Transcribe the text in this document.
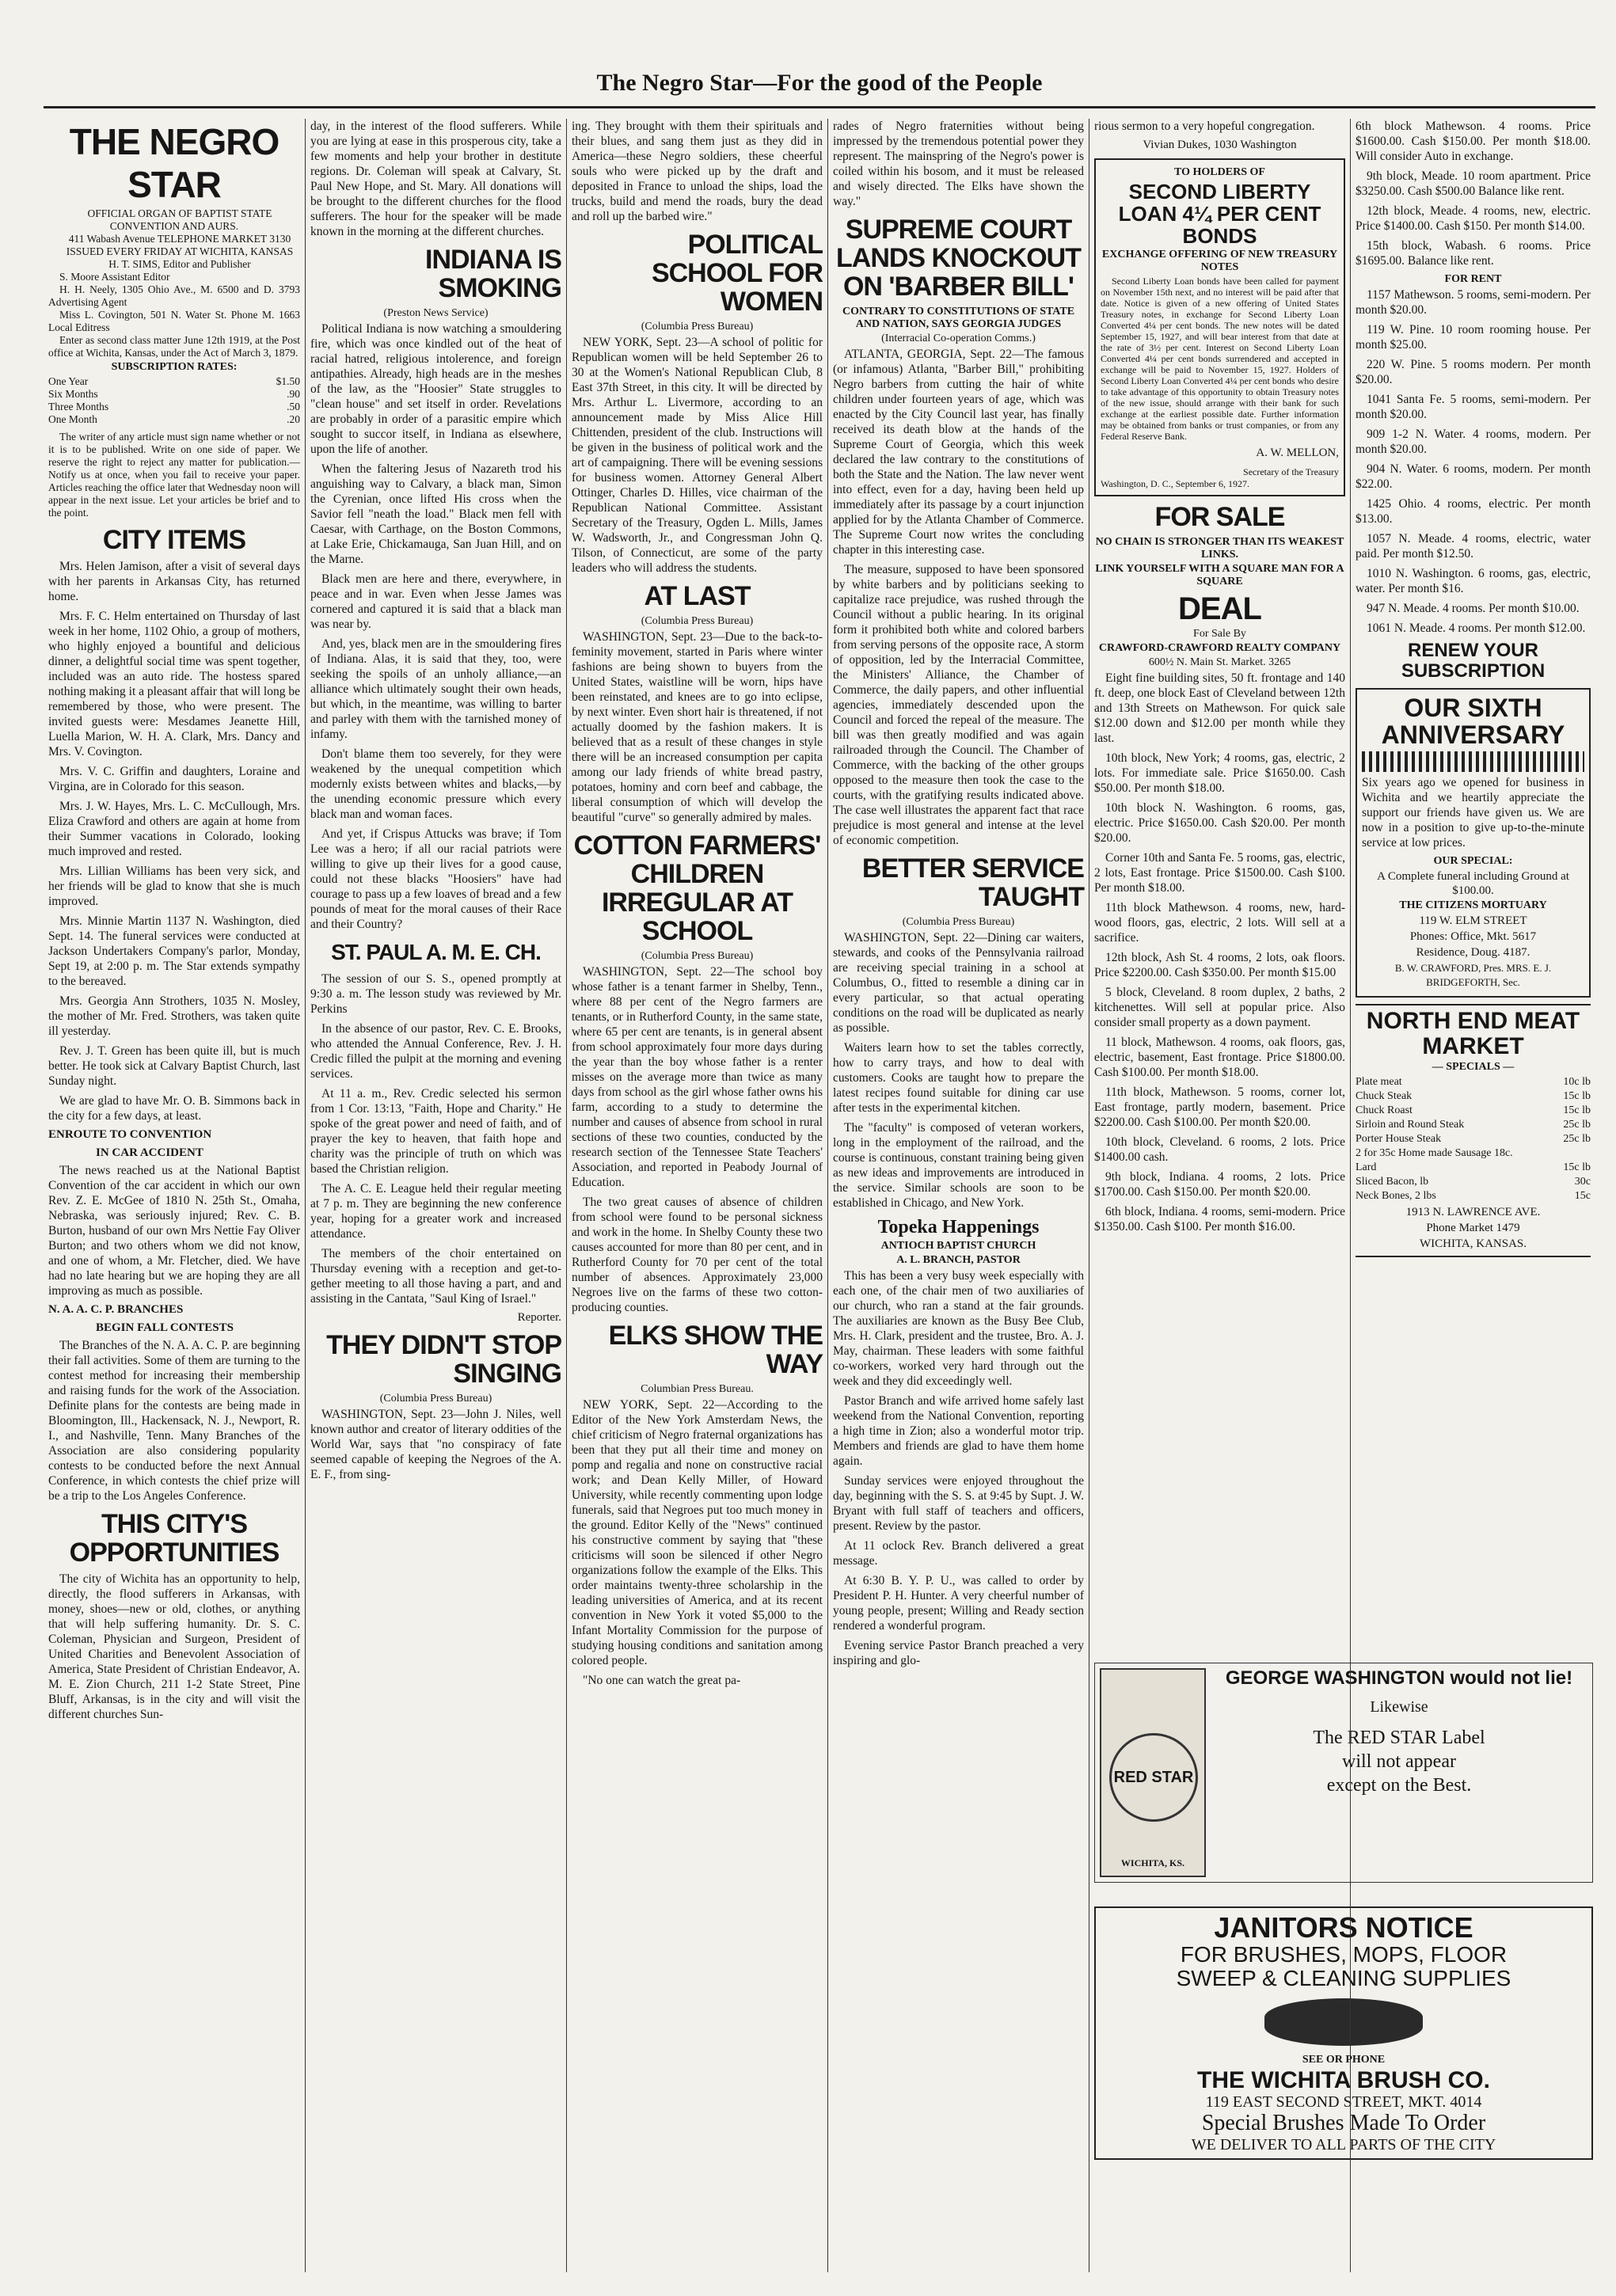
The Negro Star—For the good of the People
THE NEGRO STAR

OFFICIAL ORGAN OF BAPTIST STATE CONVENTION AND AURS.

411 Wabash Avenue TELEPHONE MARKET 3130

ISSUED EVERY FRIDAY AT WICHITA, KANSAS

H. T. SIMS, Editor and Publisher

S. Moore Assistant Editor

H. H. Neely, 1305 Ohio Ave., M. 6500 and D. 3793 Advertising Agent

Miss L. Covington, 501 N. Water St. Phone M. 1663 Local Editress

Enter as second class matter June 12th 1919, at the Post office at Wichita, Kansas, under the Act of March 3, 1879.

SUBSCRIPTION RATES:
One Year	$1.50
Six Months	.90
Three Months	.50
One Month	.20

The writer of any article must sign name whether or not it is to be published. Write on one side of paper. We reserve the right to reject any matter for publication.—Notify us at once, when you fail to receive your paper. Articles reaching the office later that Wednesday noon will appear in the next issue. Let your articles be brief and to the point.

CITY ITEMS

Mrs. Helen Jamison, after a visit of several days with her parents in Arkansas City, has returned home.

Mrs. F. C. Helm entertained on Thursday of last week in her home, 1102 Ohio, a group of mothers, who highly enjoyed a bountiful and delicious dinner, a delightful social time was spent together, included was an auto ride. The hostess spared nothing making it a pleasant affair that will long be remembered by those, who were present. The invited guests were: Mesdames Jeanette Hill, Luella Marion, W. H. A. Clark, Mrs. Dancy and Mrs. V. Covington.

Mrs. V. C. Griffin and daughters, Loraine and Virgina, are in Colorado for this season.

Mrs. J. W. Hayes, Mrs. L. C. McCullough, Mrs. Eliza Crawford and others are again at home from their Summer vacations in Colorado, looking much improved and rested.

Mrs. Lillian Williams has been very sick, and her friends will be glad to know that she is much improved.

Mrs. Minnie Martin 1137 N. Washington, died Sept. 14. The funeral services were conducted at Jackson Undertakers Company's parlor, Monday, Sept 19, at 2:00 p. m. The Star extends sympathy to the bereaved.

Mrs. Georgia Ann Strothers, 1035 N. Mosley, the mother of Mr. Fred. Strothers, was taken quite ill yesterday.

Rev. J. T. Green has been quite ill, but is much better. He took sick at Calvary Baptist Church, last Sunday night.

We are glad to have Mr. O. B. Simmons back in the city for a few days, at least.

ENROUTE TO CONVENTION
IN CAR ACCIDENT

The news reached us at the National Baptist Convention of the car accident in which our own Rev. Z. E. McGee of 1810 N. 25th St., Omaha, Nebraska, was seriously injured; Rev. C. B. Burton, husband of our own Mrs Nettie Fay Oliver Burton; and two others whom we did not know, and one of whom, a Mr. Fletcher, died. We have had no late hearing but we are hoping they are all improving as much as possible.

N. A. A. C. P. BRANCHES
BEGIN FALL CONTESTS

The Branches of the N. A. A. C. P. are beginning their fall activities. Some of them are turning to the contest method for increasing their membership and raising funds for the work of the Association. Definite plans for the contests are being made in Bloomington, Ill., Hackensack, N. J., Newport, R. I., and Nashville, Tenn. Many Branches of the Association are also considering popularity contests to be conducted before the next Annual Conference, in which contests the chief prize will be a trip to the Los Angeles Conference.

THIS CITY'S OPPORTUNITIES

The city of Wichita has an opportunity to help, directly, the flood sufferers in Arkansas, with money, shoes—new or old, clothes, or anything that will help suffering humanity. Dr. S. C. Coleman, Physician and Surgeon, President of United Charities and Benevolent Association of America, State President of Christian Endeavor, A. M. E. Zion Church, 211 1-2 State Street, Pine Bluff, Arkansas, is in the city and will visit the different churches Sun-

day, in the interest of the flood sufferers. While you are lying at ease in this prosperous city, take a few moments and help your brother in destitute regions. Dr. Coleman will speak at Calvary, St. Paul New Hope, and St. Mary. All donations will be brought to the different churches for the flood sufferers. The hour for the speaker will be made known in the morning at the different churches.

INDIANA IS SMOKING
(Preston News Service)

Political Indiana is now watching a smouldering fire, which was once kindled out of the heat of racial hatred, religious intolerence, and foreign antipathies. Already, high heads are in the meshes of the law, as the "Hoosier" State struggles to "clean house" and set itself in order. Revelations are probably in order of a parasitic empire which sought to succor itself, in Indiana as elsewhere, upon the life of another.

When the faltering Jesus of Nazareth trod his anguishing way to Calvary, a black man, Simon the Cyrenian, once lifted His cross when the Savior fell "neath the load." Black men fell with Caesar, with Carthage, on the Boston Commons, at Lake Erie, Chickamauga, San Juan Hill, and on the Marne.

Black men are here and there, everywhere, in peace and in war. Even when Jesse James was cornered and captured it is said that a black man was near by.

And, yes, black men are in the smouldering fires of Indiana. Alas, it is said that they, too, were seeking the spoils of an unholy alliance,—an alliance which ultimately sought their own heads, but which, in the meantime, was willing to barter and parley with them with the tarnished money of infamy.

Don't blame them too severely, for they were weakened by the unequal competition which modernly exists between whites and blacks,—by the unending economic pressure which every black man and woman faces.

And yet, if Crispus Attucks was brave; if Tom Lee was a hero; if all our racial patriots were willing to give up their lives for a good cause, could not these blacks "Hoosiers" have had courage to pass up a few loaves of bread and a few pounds of meat for the moral causes of their Race and their Country?

ST. PAUL A. M. E. CH.

The session of our S. S., opened promptly at 9:30 a. m. The lesson study was reviewed by Mr. Perkins

In the absence of our pastor, Rev. C. E. Brooks, who attended the Annual Conference, Rev. J. H. Credic filled the pulpit at the morning and evening services.

At 11 a. m., Rev. Credic selected his sermon from 1 Cor. 13:13, "Faith, Hope and Charity." He spoke of the great power and need of faith, and of prayer the key to heaven, that faith hope and charity was the principle of truth on which was based the Christian religion.

The A. C. E. League held their regular meeting at 7 p. m. They are beginning the new conference year, hoping for a greater work and increased attendance.

The members of the choir entertained on Thursday evening with a reception and get-to-gether meeting to all those having a part, and and assisting in the Cantata, "Saul King of Israel."

Reporter.
THEY DIDN'T STOP SINGING
(Columbia Press Bureau)

WASHINGTON, Sept. 23—John J. Niles, well known author and creator of literary oddities of the World War, says that "no conspiracy of fate seemed capable of keeping the Negroes of the A. E. F., from sing-

ing. They brought with them their spirituals and their blues, and sang them just as they did in America—these Negro soldiers, these cheerful souls who were picked up by the draft and deposited in France to unload the ships, load the trucks, build and mend the roads, bury the dead and roll up the barbed wire."

POLITICAL SCHOOL FOR WOMEN
(Columbia Press Bureau)

NEW YORK, Sept. 23—A school of politic for Republican women will be held September 26 to 30 at the Women's National Republican Club, 8 East 37th Street, in this city. It will be directed by Mrs. Arthur L. Livermore, according to an announcement made by Miss Alice Hill Chittenden, president of the club. Instructions will be given in the business of political work and the art of campaigning. There will be evening sessions for business women. Attorney General Albert Ottinger, Charles D. Hilles, vice chairman of the Republican National Committee. Assistant Secretary of the Treasury, Ogden L. Mills, James W. Wadsworth, Jr., and Congressman John Q. Tilson, of Connecticut, are some of the party leaders who will address the students.

AT LAST
(Columbia Press Bureau)

WASHINGTON, Sept. 23—Due to the back-to-feminity movement, started in Paris where winter fashions are being shown to buyers from the United States, waistline will be worn, hips have been reinstated, and knees are to go into eclipse, by next winter. Even short hair is threatened, if not actually doomed by the fashion makers. It is believed that as a result of these changes in style there will be an increased consumption per capita among our lady friends of white bread pastry, potatoes, hominy and corn beef and cabbage, the liberal consumption of which will develop the beautiful "curve" so generally admired by males.

COTTON FARMERS' CHILDREN IRREGULAR AT SCHOOL
(Columbia Press Bureau)

WASHINGTON, Sept. 22—The school boy whose father is a tenant farmer in Shelby, Tenn., where 88 per cent of the Negro farmers are tenants, or in Rutherford County, in the same state, where 65 per cent are tenants, is in general absent from school approximately four more days during the year than the boy whose father is a renter misses on the average more than twice as many days from school as the girl whose father owns his farm, according to a study to determine the number and causes of absence from school in rural sections of these two counties, conducted by the research section of the Tennessee State Teachers' Association, and reported in Peabody Journal of Education.

The two great causes of absence of children from school were found to be personal sickness and work in the home. In Shelby County these two causes accounted for more than 80 per cent, and in Rutherford County for 70 per cent of the total number of absences. Approximately 23,000 Negroes live on the farms of these two cotton-producing counties.

ELKS SHOW THE WAY
Columbian Press Bureau.

NEW YORK, Sept. 22—According to the Editor of the New York Amsterdam News, the chief criticism of Negro fraternal organizations has been that they put all their time and money on pomp and regalia and none on constructive racial work; and Dean Kelly Miller, of Howard University, while recently commenting upon lodge funerals, said that Negroes put too much money in the ground. Editor Kelly of the "News" continued his constructive comment by saying that "these criticisms will soon be silenced if other Negro organizations follow the example of the Elks. This order maintains twenty-three scholarship in the leading universities of America, and at its recent convention in New York it voted $5,000 to the Infant Mortality Commission for the purpose of studying housing conditions and sanitation among colored people.

"No one can watch the great pa-

rades of Negro fraternities without being impressed by the tremendous potential power they represent. The mainspring of the Negro's power is coiled within his bosom, and it must be released and wisely directed. The Elks have shown the way."

SUPREME COURT LANDS KNOCKOUT ON 'BARBER BILL'
CONTRARY TO CONSTITUTIONS OF STATE AND NATION, SAYS GEORGIA JUDGES
(Interracial Co-operation Comms.)

ATLANTA, GEORGIA, Sept. 22—The famous (or infamous) Atlanta, "Barber Bill," prohibiting Negro barbers from cutting the hair of white children under fourteen years of age, which was enacted by the City Council last year, has finally received its death blow at the hands of the Supreme Court of Georgia, which this week declared the law contrary to the constitutions of both the State and the Nation. The law never went into effect, even for a day, having been held up immediately after its passage by a court injunction applied for by the Atlanta Chamber of Commerce. The Supreme Court now writes the concluding chapter in this interesting case.

The measure, supposed to have been sponsored by white barbers and by politicians seeking to capitalize race prejudice, was rushed through the Council without a public hearing. In its original form it prohibited both white and colored barbers from serving persons of the opposite race, A storm of opposition, led by the Interracial Committee, the Ministers' Alliance, the Chamber of Commerce, the daily papers, and other influential agencies, immediately descended upon the Council and forced the repeal of the measure. The bill was then greatly modified and was again railroaded through the Council. The Chamber of Commerce, with the backing of the other groups opposed to the measure then took the case to the courts, with the gratifying results indicated above. The case well illustrates the apparent fact that race prejudice is most general and intense at the level of economic competition.

BETTER SERVICE TAUGHT
(Columbia Press Bureau)

WASHINGTON, Sept. 22—Dining car waiters, stewards, and cooks of the Pennsylvania railroad are receiving special training in a school at Columbus, O., fitted to resemble a dining car in every particular, so that actual operating conditions on the road will be duplicated as nearly as possible.

Waiters learn how to set the tables correctly, how to carry trays, and how to deal with customers. Cooks are taught how to prepare the latest recipes found suitable for dining car use after tests in the experimental kitchen.

The "faculty" is composed of veteran workers, long in the employment of the railroad, and the course is continuous, constant training being given as new ideas and improvements are introduced in the service. Similar schools are soon to be established in Chicago, and New York.

Topeka Happenings
ANTIOCH BAPTIST CHURCH
A. L. BRANCH, PASTOR

This has been a very busy week especially with each one, of the chair men of two auxiliaries of our church, who ran a stand at the fair grounds. The auxiliaries are known as the Busy Bee Club, Mrs. H. Clark, president and the trustee, Bro. A. J. May, chairman. These leaders with some faithful co-workers, worked very hard through out the week and they did exceedingly well.

Pastor Branch and wife arrived home safely last weekend from the National Convention, reporting a high time in Zion; also a wonderful motor trip. Members and friends are glad to have them home again.

Sunday services were enjoyed throughout the day, beginning with the S. S. at 9:45 by Supt. J. W. Bryant with full staff of teachers and officers, present. Review by the pastor.

At 11 oclock Rev. Branch delivered a great message.

At 6:30 B. Y. P. U., was called to order by President P. H. Hunter. A very cheerful number of young people, present; Willing and Ready section rendered a wonderful program.

Evening service Pastor Branch preached a very inspiring and glo-

rious sermon to a very hopeful congregation.

Vivian Dukes, 1030 Washington
TO HOLDERS OF
SECOND LIBERTY LOAN 4¼ PER CENT BONDS
EXCHANGE OFFERING OF NEW TREASURY NOTES

Second Liberty Loan bonds have been called for payment on November 15th next, and no interest will be paid after that date. Notice is given of a new offering of United States Treasury notes, in exchange for Second Liberty Loan Converted 4¼ per cent bonds. The new notes will be dated September 15, 1927, and will bear interest from that date at the rate of 3½ per cent. Interest on Second Liberty Loan Converted 4¼ per cent bonds surrendered and accepted in exchange will be paid to November 15, 1927. Holders of Second Liberty Loan Converted 4¼ per cent bonds who desire to take advantage of this opportunity to obtain Treasury notes of the new issue, should arrange with their bank for such exchange at the earliest possible date. Further information may be obtained from banks or trust companies, or from any Federal Reserve Bank.

A. W. MELLON,
Secretary of the Treasury
Washington, D. C., September 6, 1927.
FOR SALE
NO CHAIN IS STRONGER THAN ITS WEAKEST LINKS.
LINK YOURSELF WITH A SQUARE MAN FOR A SQUARE
DEAL
For Sale By
CRAWFORD-CRAWFORD REALTY COMPANY
600½ N. Main St. Market. 3265

Eight fine building sites, 50 ft. frontage and 140 ft. deep, one block East of Cleveland between 12th and 13th Streets on Mathewson. For quick sale $12.00 down and $12.00 per month while they last.

10th block, New York; 4 rooms, gas, electric, 2 lots. For immediate sale. Price $1650.00. Cash $50.00. Per month $18.00.

10th block N. Washington. 6 rooms, gas, electric. Price $1650.00. Cash $20.00. Per month $20.00.

Corner 10th and Santa Fe. 5 rooms, gas, electric, 2 lots, East frontage. Price $1500.00. Cash $100. Per month $18.00.

11th block Mathewson. 4 rooms, new, hard-wood floors, gas, electric, 2 lots. Will sell at a sacrifice.

12th block, Ash St. 4 rooms, 2 lots, oak floors. Price $2200.00. Cash $350.00. Per month $15.00

5 block, Cleveland. 8 room duplex, 2 baths, 2 kitchenettes. Will sell at popular price. Also consider small property as a down payment.

11 block, Mathewson. 4 rooms, oak floors, gas, electric, basement, East frontage. Price $1800.00. Cash $100.00. Per month $18.00.

11th block, Mathewson. 5 rooms, corner lot, East frontage, partly modern, basement. Price $2200.00. Cash $100.00. Per month $20.00.

10th block, Cleveland. 6 rooms, 2 lots. Price $1400.00 cash.

9th block, Indiana. 4 rooms, 2 lots. Price $1700.00. Cash $150.00. Per month $20.00.

6th block, Indiana. 4 rooms, semi-modern. Price $1350.00. Cash $100. Per month $16.00.

RED STAR
WICHITA, KS.
GEORGE WASHINGTON would not lie!
Likewise
The RED STAR Label
will not appear
except on the Best.
JANITORS NOTICE
FOR BRUSHES, MOPS, FLOOR
SWEEP & CLEANING SUPPLIES
SEE OR PHONE
THE WICHITA BRUSH CO.
119 EAST SECOND STREET, MKT. 4014
Special Brushes Made To Order
WE DELIVER TO ALL PARTS OF THE CITY

6th block Mathewson. 4 rooms. Price $1600.00. Cash $150.00. Per month $18.00. Will consider Auto in exchange.

9th block, Meade. 10 room apartment. Price $3250.00. Cash $500.00 Balance like rent.

12th block, Meade. 4 rooms, new, electric. Price $1400.00. Cash $150. Per month $14.00.

15th block, Wabash. 6 rooms. Price $1695.00. Balance like rent.

FOR RENT

1157 Mathewson. 5 rooms, semi-modern. Per month $20.00.

119 W. Pine. 10 room rooming house. Per month $25.00.

220 W. Pine. 5 rooms modern. Per month $20.00.

1041 Santa Fe. 5 rooms, semi-modern. Per month $20.00.

909 1-2 N. Water. 4 rooms, modern. Per month $20.00.

904 N. Water. 6 rooms, modern. Per month $22.00.

1425 Ohio. 4 rooms, electric. Per month $13.00.

1057 N. Meade. 4 rooms, electric, water paid. Per month $12.50.

1010 N. Washington. 6 rooms, gas, electric, water. Per month $16.

947 N. Meade. 4 rooms. Per month $10.00.

1061 N. Meade. 4 rooms. Per month $12.00.

RENEW YOUR SUBSCRIPTION
OUR SIXTH ANNIVERSARY

Six years ago we opened for business in Wichita and we heartily appreciate the support our friends have given us. We are now in a position to give up-to-the-minute service at low prices.

OUR SPECIAL:
A Complete funeral including Ground at $100.00.
THE CITIZENS MORTUARY
119 W. ELM STREET
Phones: Office, Mkt. 5617
Residence, Doug. 4187.
B. W. CRAWFORD, Pres. MRS. E. J. BRIDGEFORTH, Sec.
NORTH END MEAT MARKET
— SPECIALS —
Plate meat	10c lb
Chuck Steak	15c lb
Chuck Roast	15c lb
Sirloin and Round Steak	25c lb
Porter House Steak	25c lb
2 for 35c Home made Sausage 18c.
Lard	15c lb
Sliced Bacon, lb	30c
Neck Bones, 2 lbs	15c
1913 N. LAWRENCE AVE.
Phone Market 1479
WICHITA, KANSAS.
